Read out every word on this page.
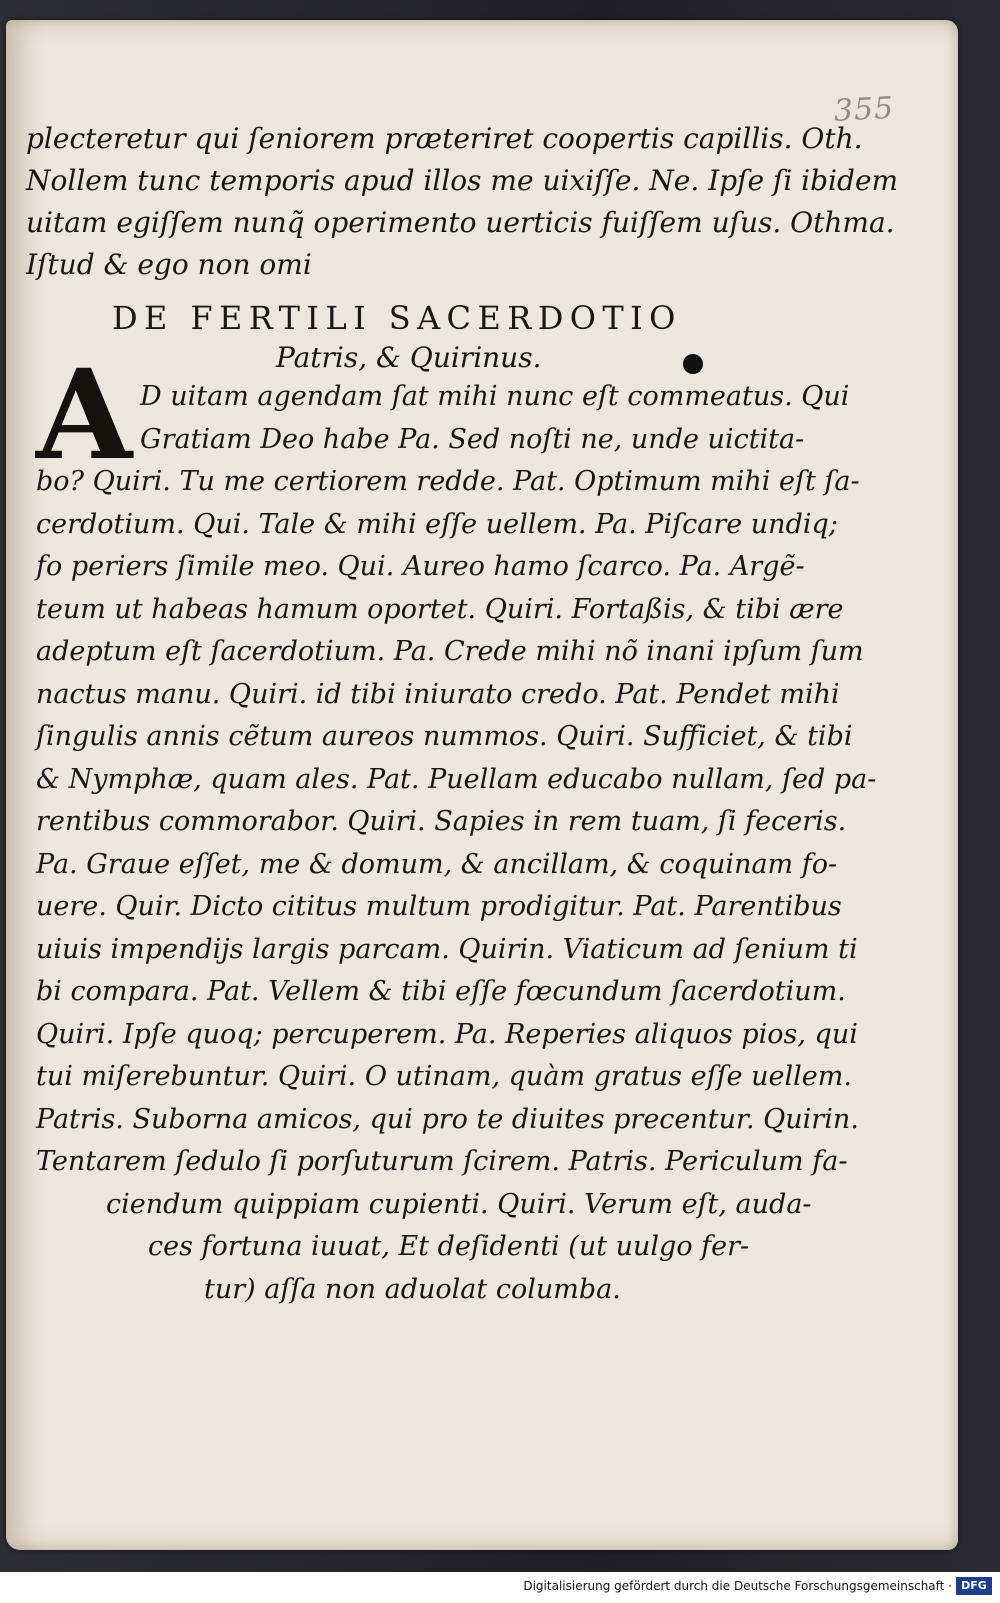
355
plecteretur qui ſeniorem præteriret coopertis capillis. Oth.
Nollem tunc temporis apud illos me uixiſſe. Ne. Ipſe ſi ibidem
uitam egiſſem nunq̃ operimento uerticis fuiſſem uſus. Othma.
Iſtud & ego non omi
DE FERTILI SACERDOTIO
Patris, & Quirinus.
A D uitam agendam ſat mihi nunc eſt commeatus. Qui
Gratiam Deo habe Pa. Sed noſti ne, unde uictita-
bo? Quiri. Tu me certiorem redde. Pat. Optimum mihi eſt ſa-
cerdotium. Qui. Tale & mihi eſſe uellem. Pa. Piſcare undiq;
fo periers ſimile meo. Qui. Aureo hamo ſcarco. Pa. Argẽ-
teum ut habeas hamum oportet. Quiri. Fortaßis, & tibi ære
adeptum eſt ſacerdotium. Pa. Crede mihi nõ inani ipſum ſum
nactus manu. Quiri. id tibi iniurato credo. Pat. Pendet mihi
ſingulis annis cẽtum aureos nummos. Quiri. Sufficiet, & tibi
& Nymphæ, quam ales. Pat. Puellam educabo nullam, ſed pa-
rentibus commorabor. Quiri. Sapies in rem tuam, ſi feceris.
Pa. Graue eſſet, me & domum, & ancillam, & coquinam fo-
uere. Quir. Dicto cititus multum prodigitur. Pat. Parentibus
uiuis impendijs largis parcam. Quirin. Viaticum ad ſenium ti
bi compara. Pat. Vellem & tibi eſſe fœcundum ſacerdotium.
Quiri. Ipſe quoq; percuperem. Pa. Reperies aliquos pios, qui
tui miſerebuntur. Quiri. O utinam, quàm gratus eſſe uellem.
Patris. Suborna amicos, qui pro te diuites precentur. Quirin.
Tentarem ſedulo ſi porſuturum ſcirem. Patris. Periculum fa-
ciendum quippiam cupienti. Quiri. Verum eſt, auda-
ces fortuna iuuat, Et deſidenti (ut uulgo fer-
tur) aſſa non aduolat columba.
Digitalisierung gefördert durch die Deutsche Forschungsgemeinschaft · DFG
